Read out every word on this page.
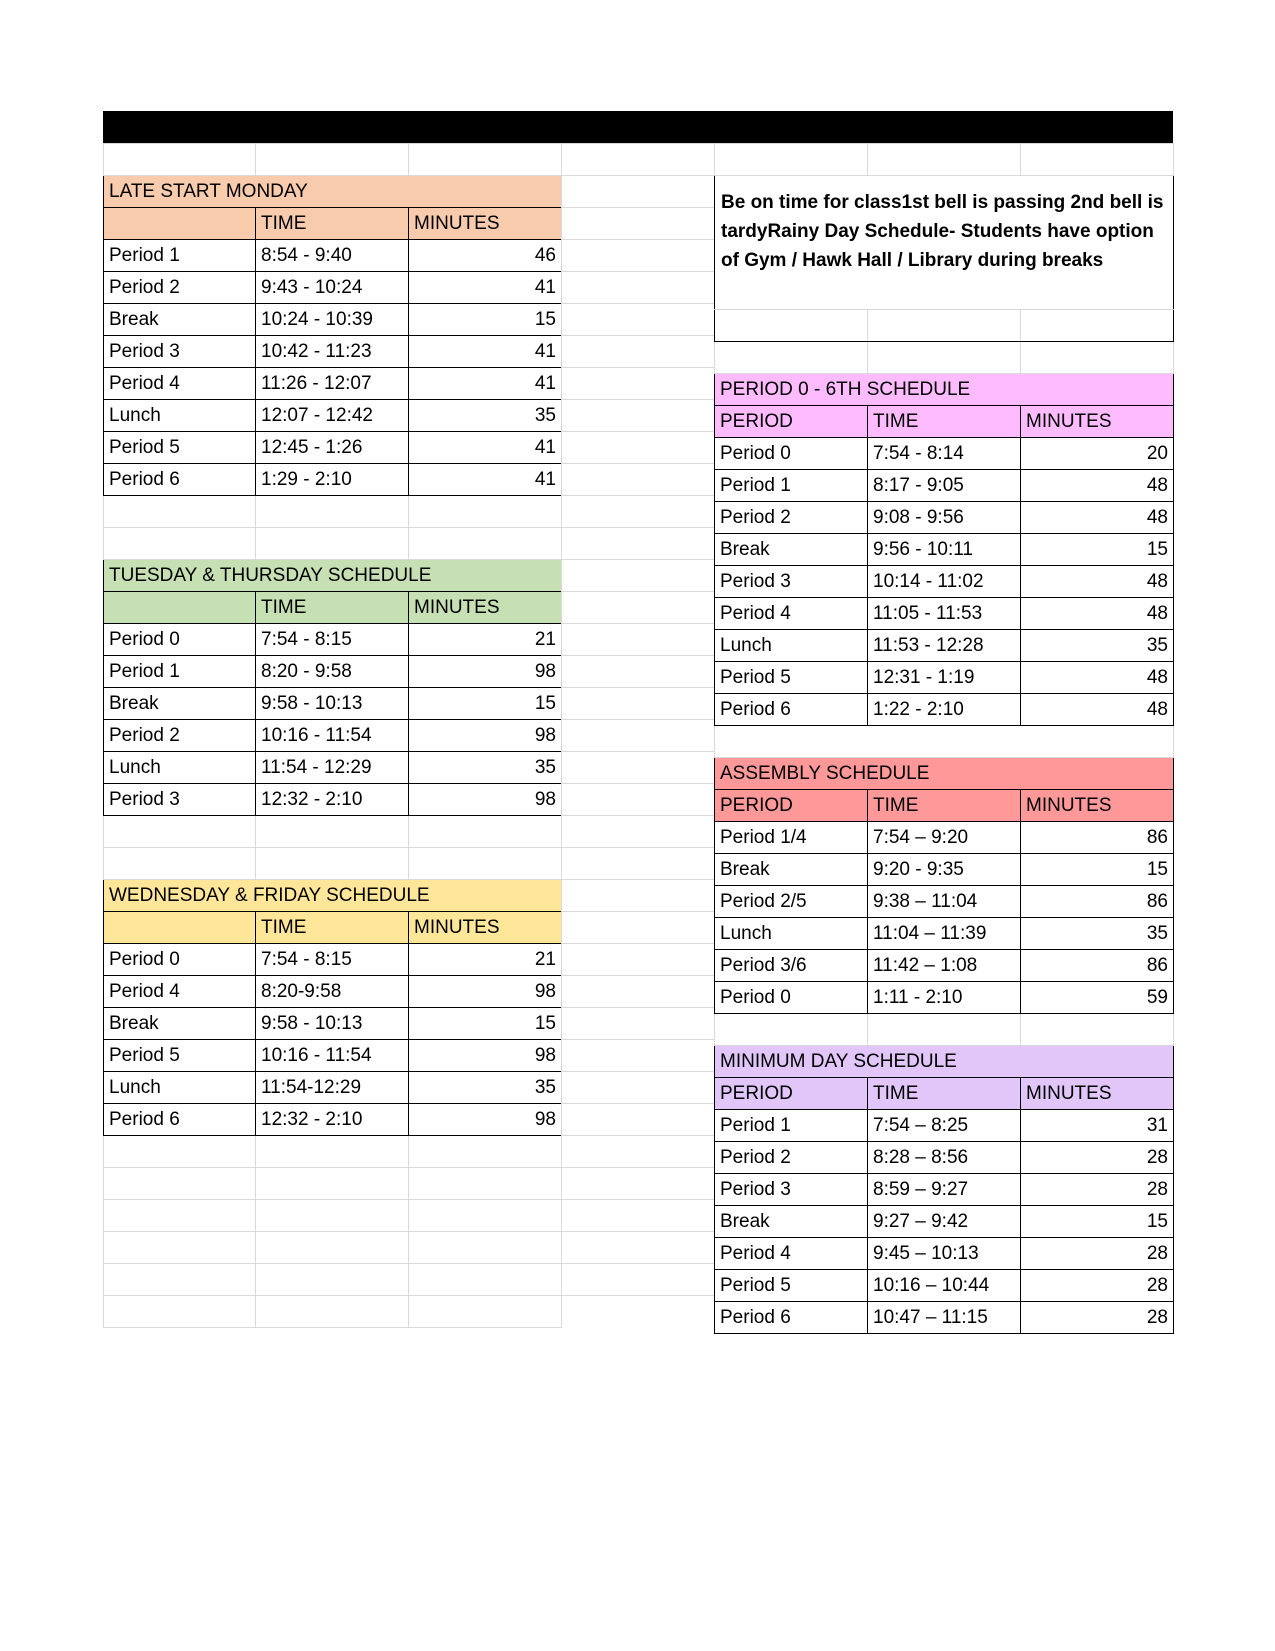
LATE START MONDAY		
	TIME	MINUTES
Period 1	8:54 - 9:40	46
Period 2	9:43 - 10:24	41
Break	10:24 - 10:39	15
Period 3	10:42 - 11:23	41
Period 4	11:26 - 12:07	41
Lunch	12:07 - 12:42	35
Period 5	12:45 - 1:26	41
Period 6	1:29 - 2:10	41

TUESDAY & THURSDAY SCHEDULE		
	TIME	MINUTES
Period 0	7:54 - 8:15	21
Period 1	8:20 - 9:58	98
Break	9:58 - 10:13	15
Period 2	10:16 - 11:54	98
Lunch	11:54 - 12:29	35
Period 3	12:32 - 2:10	98

WEDNESDAY & FRIDAY SCHEDULE		
	TIME	MINUTES
Period 0	7:54 - 8:15	21
Period 4	8:20-9:58	98
Break	9:58 - 10:13	15
Period 5	10:16 - 11:54	98
Lunch	11:54-12:29	35
Period 6	12:32 - 2:10	98

Be on time for class1st bell is passing 2nd bell is tardyRainy Day Schedule- Students have option of Gym / Hawk Hall / Library during breaks		

PERIOD 0 - 6TH SCHEDULE		
PERIOD	TIME	MINUTES
Period 0	7:54 - 8:14	20
Period 1	8:17 - 9:05	48
Period 2	9:08 - 9:56	48
Break	9:56 - 10:11	15
Period 3	10:14 - 11:02	48
Period 4	11:05 - 11:53	48
Lunch	11:53 - 12:28	35
Period 5	12:31 - 1:19	48
Period 6	1:22 - 2:10	48

ASSEMBLY SCHEDULE		
PERIOD	TIME	MINUTES
Period 1/4	7:54 – 9:20	86
Break	9:20 - 9:35	15
Period 2/5	9:38 – 11:04	86
Lunch	11:04 – 11:39	35
Period 3/6	11:42 – 1:08	86
Period 0	1:11 - 2:10	59

MINIMUM DAY SCHEDULE		
PERIOD	TIME	MINUTES
Period 1	7:54 – 8:25	31
Period 2	8:28 – 8:56	28
Period 3	8:59 – 9:27	28
Break	9:27 – 9:42	15
Period 4	9:45 – 10:13	28
Period 5	10:16 – 10:44	28
Period 6	10:47 – 11:15	28
